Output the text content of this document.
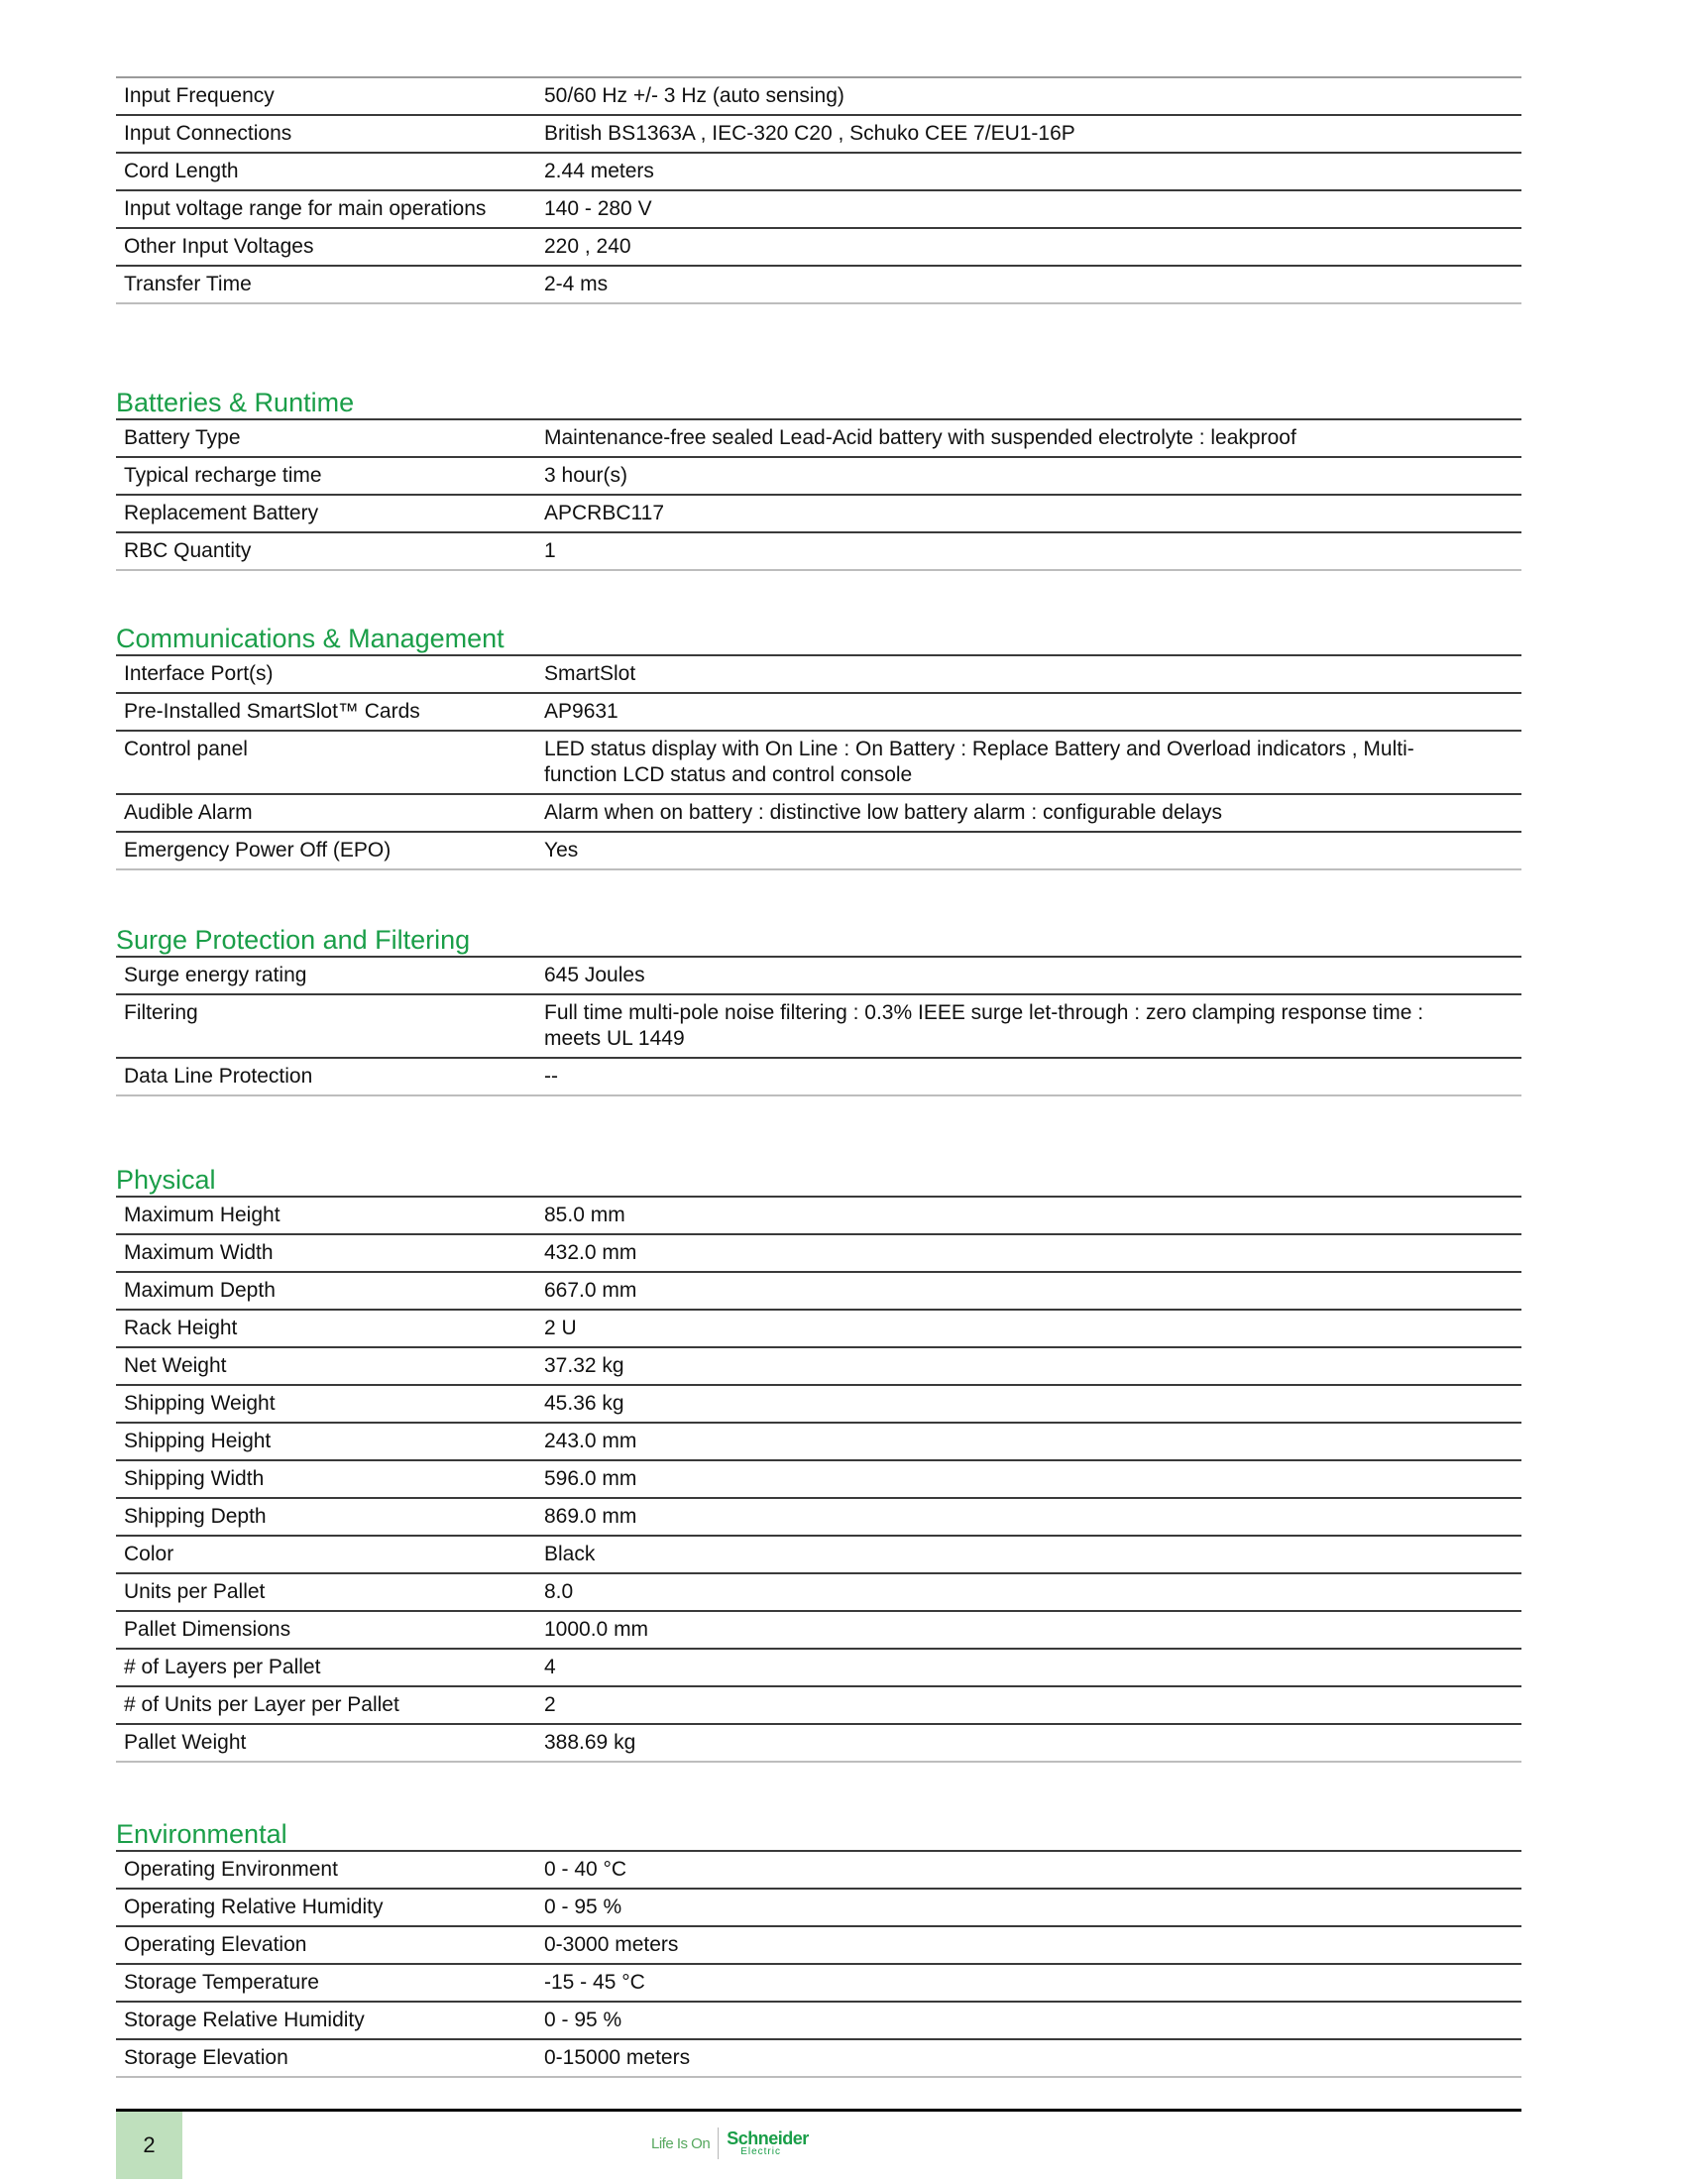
Input Frequency	50/60 Hz +/- 3 Hz (auto sensing)
Input Connections	British BS1363A , IEC-320 C20 , Schuko CEE 7/EU1-16P
Cord Length	2.44 meters
Input voltage range for main operations	140 - 280 V
Other Input Voltages	220 , 240
Transfer Time	2-4 ms
Batteries & Runtime
Battery Type	Maintenance-free sealed Lead-Acid battery with suspended electrolyte : leakproof
Typical recharge time	3 hour(s)
Replacement Battery	APCRBC117
RBC Quantity	1
Communications & Management
Interface Port(s)	SmartSlot
Pre-Installed SmartSlot™ Cards	AP9631
Control panel	LED status display with On Line : On Battery : Replace Battery and Overload indicators , Multi-function LCD status and control console
Audible Alarm	Alarm when on battery : distinctive low battery alarm : configurable delays
Emergency Power Off (EPO)	Yes
Surge Protection and Filtering
Surge energy rating	645 Joules
Filtering	Full time multi-pole noise filtering : 0.3% IEEE surge let-through : zero clamping response time : meets UL 1449
Data Line Protection	--
Physical
Maximum Height	85.0 mm
Maximum Width	432.0 mm
Maximum Depth	667.0 mm
Rack Height	2 U
Net Weight	37.32 kg
Shipping Weight	45.36 kg
Shipping Height	243.0 mm
Shipping Width	596.0 mm
Shipping Depth	869.0 mm
Color	Black
Units per Pallet	8.0
Pallet Dimensions	1000.0 mm
# of Layers per Pallet	4
# of Units per Layer per Pallet	2
Pallet Weight	388.69 kg
Environmental
Operating Environment	0 - 40 °C
Operating Relative Humidity	0 - 95 %
Operating Elevation	0-3000 meters
Storage Temperature	-15 - 45 °C
Storage Relative Humidity	0 - 95 %
Storage Elevation	0-15000 meters
2	Life Is On Schneider
Electric
